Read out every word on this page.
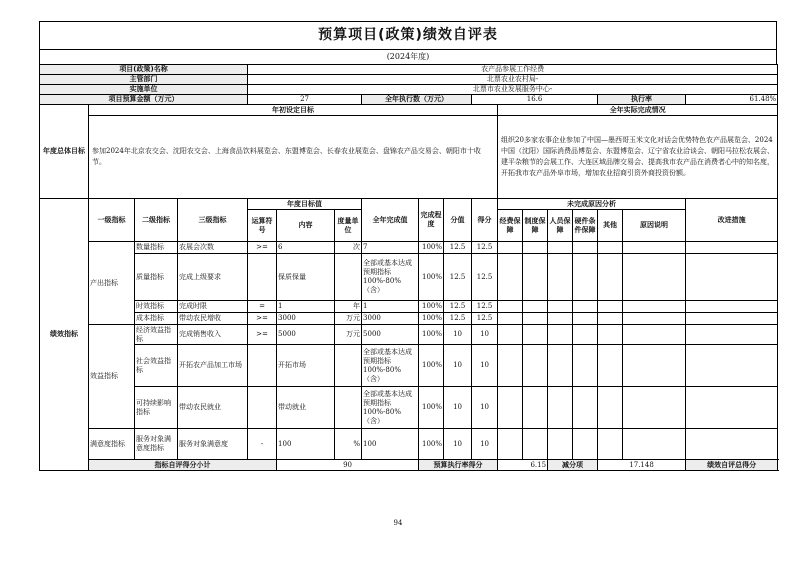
预算项目(政策)绩效自评表
(2024年度)
项目(政策)名称				农产品参展工作经费														
主管部门				北票农业农村局-														
实施单位				北票市农业发展服务中心-														
项目预算金额（万元）				27			全年执行数（万元）			16.6					执行率		61.48%	
年度总体目标	年初设定目标										全年实际完成情况							
	参加2024年北京农交会、沈阳农交会、上海食品饮料展览会、东盟博览会、长春农业展览会、盘锦农产品交易会、朝阳市十收节。										组织20多家农事企业参加了中国—墨西哥玉米文化对话会优势特色农产品展览会、2024中国（沈阳）国际消费品博览会、东盟博览会、辽宁省农业洽谈会、朝阳马拉松农展会、建平杂粮节的会展工作、大连区域品牌交易会、提高我市农产品在消费者心中的知名度，开拓我市农产品外阜市场，增加农业招商引资外商投资份额。							
绩效指标	一级指标	二级指标	三级指标	年度目标值			全年完成值	完成程度	分值	得分	未完成原因分析						改进措施	
				运算符号	内容	度量单位					经费保障	制度保障	人员保障	硬件条件保障	其他	原因说明		
	产出指标	数量指标	农展会次数	>=	6	次	7	100%	12.5	12.5								
		质量指标	完成上级要求		保质保量		全部或基本达成预期指标100%-80%（含）	100%	12.5	12.5								
		时效指标	完成时限	=	1	年	1	100%	12.5	12.5								
		成本指标	带动农民增收	>=	3000	万元	3000	100%	12.5	12.5								
	效益指标	经济效益指标	完成销售收入	>=	5000	万元	5000	100%	10	10								
		社会效益指标	开拓农产品加工市场		开拓市场		全部或基本达成预期指标100%-80%（含）	100%	10	10								
		可持续影响指标	带动农民就业		带动就业		全部或基本达成预期指标100%-80%（含）	100%	10	10								
	满意度指标	服务对象满意度指标	服务对象满意度	-	100	%	100	100%	10	10								
	指标自评得分小计				90			预算执行率得分			6.15		减分项		17.148		绩效自评总得分	
94
